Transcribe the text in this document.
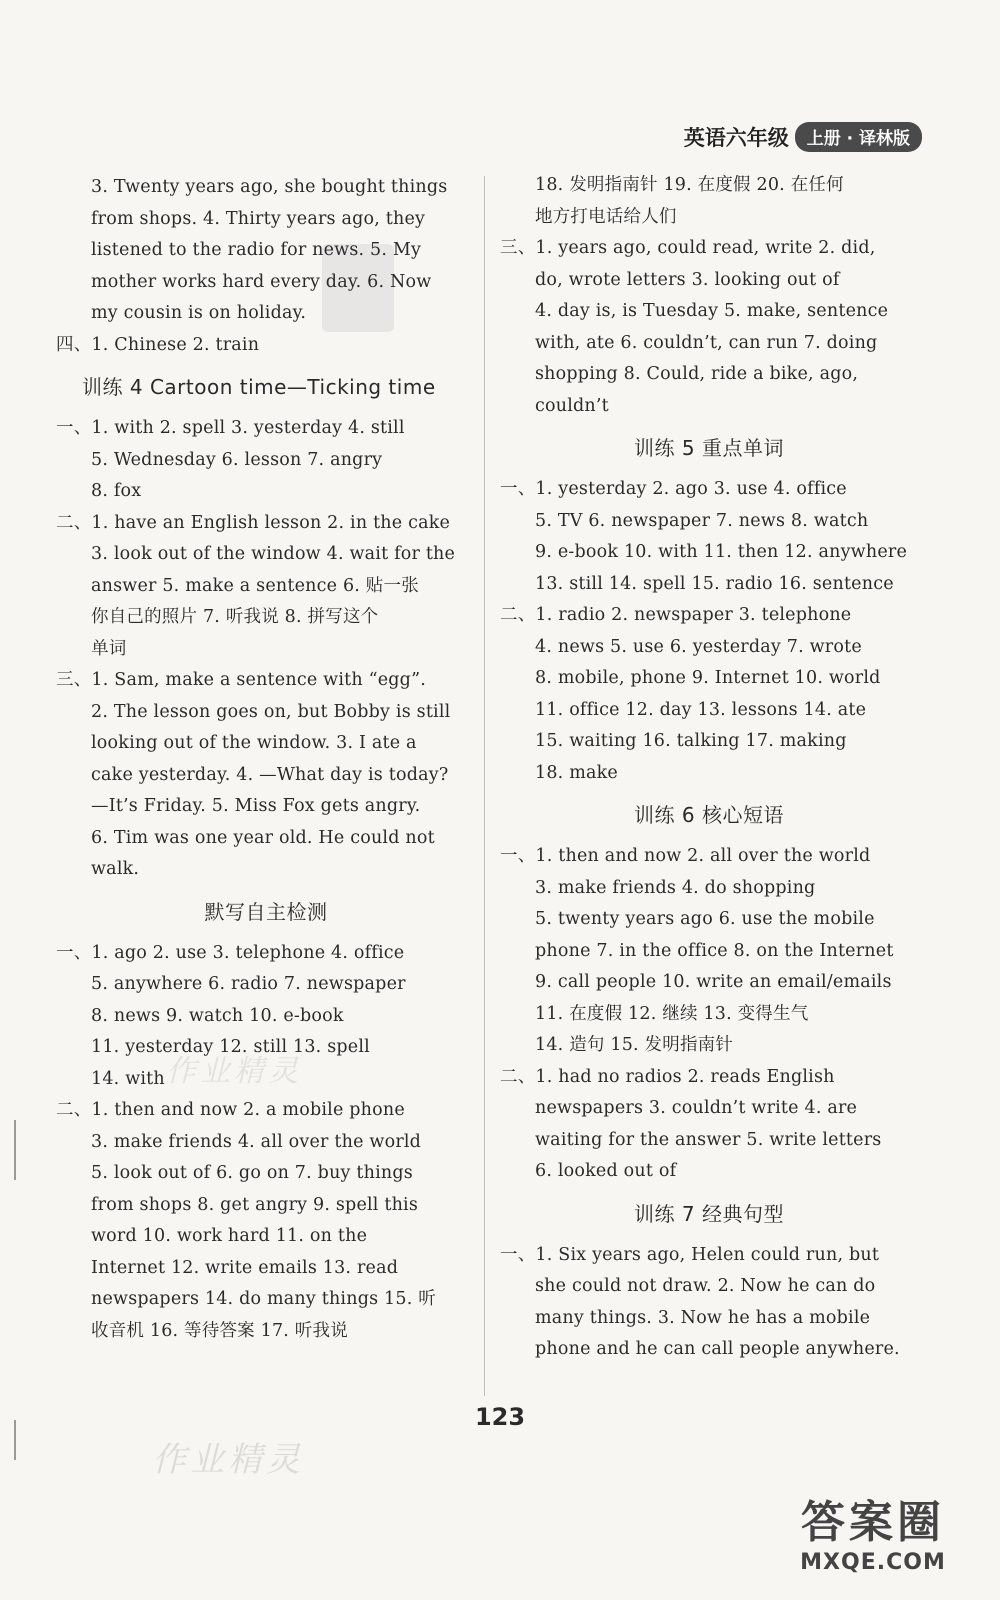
英语六年级	上册 · 译林版
3. Twenty years ago, she bought things
from shops. 4. Thirty years ago, they
listened to the radio for news. 5. My
mother works hard every day. 6. Now
my cousin is on holiday.
四、1. Chinese 2. train
训练 4 Cartoon time—Ticking time
一、1. with 2. spell 3. yesterday 4. still
5. Wednesday 6. lesson 7. angry
8. fox
二、1. have an English lesson 2. in the cake
3. look out of the window 4. wait for the
answer 5. make a sentence 6. 贴一张
你自己的照片 7. 听我说 8. 拼写这个
单词
三、1. Sam, make a sentence with “egg”.
2. The lesson goes on, but Bobby is still
looking out of the window. 3. I ate a
cake yesterday. 4. —What day is today?
—It’s Friday. 5. Miss Fox gets angry.
6. Tim was one year old. He could not
walk.
默写自主检测
一、1. ago 2. use 3. telephone 4. office
5. anywhere 6. radio 7. newspaper
8. news 9. watch 10. e-book
11. yesterday 12. still 13. spell
14. with
二、1. then and now 2. a mobile phone
3. make friends 4. all over the world
5. look out of 6. go on 7. buy things
from shops 8. get angry 9. spell this
word 10. work hard 11. on the
Internet 12. write emails 13. read
newspapers 14. do many things 15. 听
收音机 16. 等待答案 17. 听我说
18. 发明指南针 19. 在度假 20. 在任何
地方打电话给人们
三、1. years ago, could read, write 2. did,
do, wrote letters 3. looking out of
4. day is, is Tuesday 5. make, sentence
with, ate 6. couldn’t, can run 7. doing
shopping 8. Could, ride a bike, ago,
couldn’t
训练 5 重点单词
一、1. yesterday 2. ago 3. use 4. office
5. TV 6. newspaper 7. news 8. watch
9. e-book 10. with 11. then 12. anywhere
13. still 14. spell 15. radio 16. sentence
二、1. radio 2. newspaper 3. telephone
4. news 5. use 6. yesterday 7. wrote
8. mobile, phone 9. Internet 10. world
11. office 12. day 13. lessons 14. ate
15. waiting 16. talking 17. making
18. make
训练 6 核心短语
一、1. then and now 2. all over the world
3. make friends 4. do shopping
5. twenty years ago 6. use the mobile
phone 7. in the office 8. on the Internet
9. call people 10. write an email/emails
11. 在度假 12. 继续 13. 变得生气
14. 造句 15. 发明指南针
二、1. had no radios 2. reads English
newspapers 3. couldn’t write 4. are
waiting for the answer 5. write letters
6. looked out of
训练 7 经典句型
一、1. Six years ago, Helen could run, but
she could not draw. 2. Now he can do
many things. 3. Now he has a mobile
phone and he can call people anywhere.
123
作业精灵
作业精灵
答案圈
MXQE.COM
